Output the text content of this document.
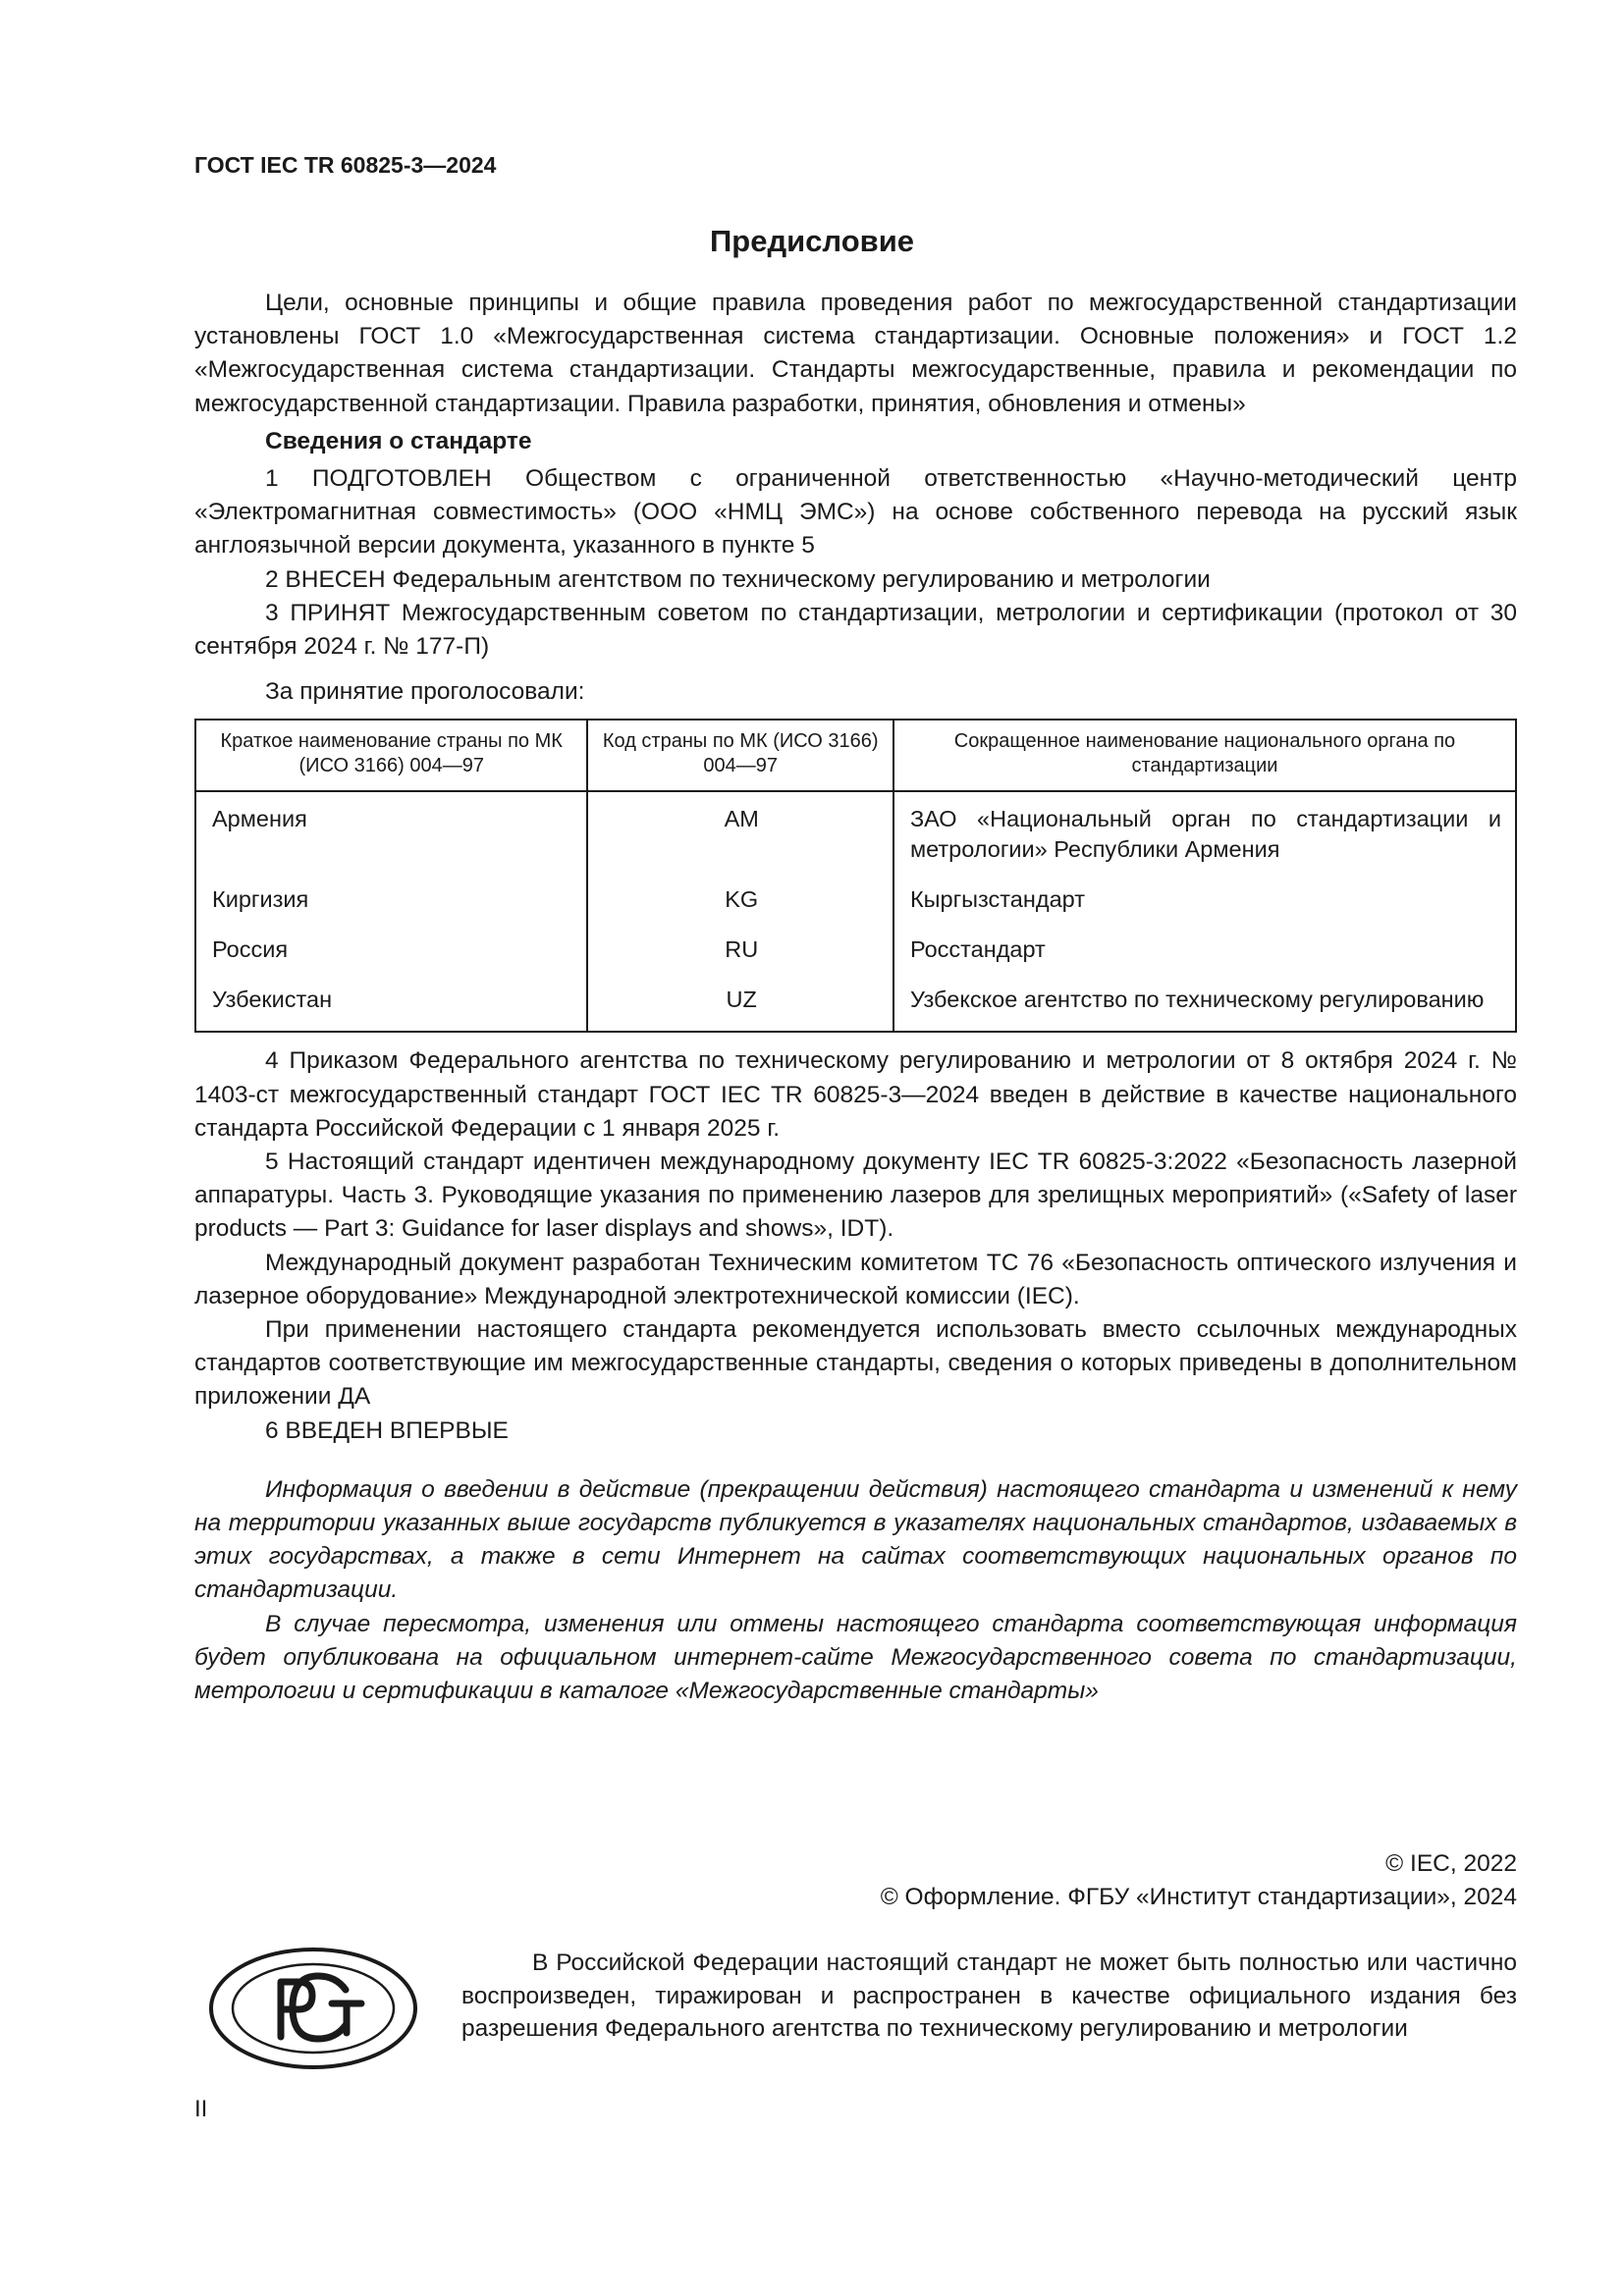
ГОСТ IEC TR 60825-3—2024
Предисловие

Цели, основные принципы и общие правила проведения работ по межгосударственной стандартизации установлены ГОСТ 1.0 «Межгосударственная система стандартизации. Основные положения» и ГОСТ 1.2 «Межгосударственная система стандартизации. Стандарты межгосударственные, правила и рекомендации по межгосударственной стандартизации. Правила разработки, принятия, обновления и отмены»

Сведения о стандарте

1 ПОДГОТОВЛЕН Обществом с ограниченной ответственностью «Научно-методический центр «Электромагнитная совместимость» (ООО «НМЦ ЭМС») на основе собственного перевода на русский язык англоязычной версии документа, указанного в пункте 5

2 ВНЕСЕН Федеральным агентством по техническому регулированию и метрологии

3 ПРИНЯТ Межгосударственным советом по стандартизации, метрологии и сертификации (протокол от 30 сентября 2024 г. № 177-П)

За принятие проголосовали:

Краткое наименование страны по МК (ИСО 3166) 004—97	Код страны по МК (ИСО 3166) 004—97	Сокращенное наименование национального органа по стандартизации
Армения	AM	ЗАО «Национальный орган по стандартизации и метрологии» Республики Армения
Киргизия	KG	Кыргызстандарт
Россия	RU	Росстандарт
Узбекистан	UZ	Узбекское агентство по техническому регулированию

4 Приказом Федерального агентства по техническому регулированию и метрологии от 8 октября 2024 г. № 1403-ст межгосударственный стандарт ГОСТ IEC TR 60825-3—2024 введен в действие в качестве национального стандарта Российской Федерации с 1 января 2025 г.

5 Настоящий стандарт идентичен международному документу IEC TR 60825-3:2022 «Безопасность лазерной аппаратуры. Часть 3. Руководящие указания по применению лазеров для зрелищных мероприятий» («Safety of laser products — Part 3: Guidance for laser displays and shows», IDT).

Международный документ разработан Техническим комитетом TC 76 «Безопасность оптического излучения и лазерное оборудование» Международной электротехнической комиссии (IEC).

При применении настоящего стандарта рекомендуется использовать вместо ссылочных международных стандартов соответствующие им межгосударственные стандарты, сведения о которых приведены в дополнительном приложении ДА

6 ВВЕДЕН ВПЕРВЫЕ

Информация о введении в действие (прекращении действия) настоящего стандарта и изменений к нему на территории указанных выше государств публикуется в указателях национальных стандартов, издаваемых в этих государствах, а также в сети Интернет на сайтах соответствующих национальных органов по стандартизации.

В случае пересмотра, изменения или отмены настоящего стандарта соответствующая информация будет опубликована на официальном интернет-сайте Межгосударственного совета по стандартизации, метрологии и сертификации в каталоге «Межгосударственные стандарты»

© IEC, 2022
© Оформление. ФГБУ «Институт стандартизации», 2024

В Российской Федерации настоящий стандарт не может быть полностью или частично воспроизведен, тиражирован и распространен в качестве официального издания без разрешения Федерального агентства по техническому регулированию и метрологии

II
